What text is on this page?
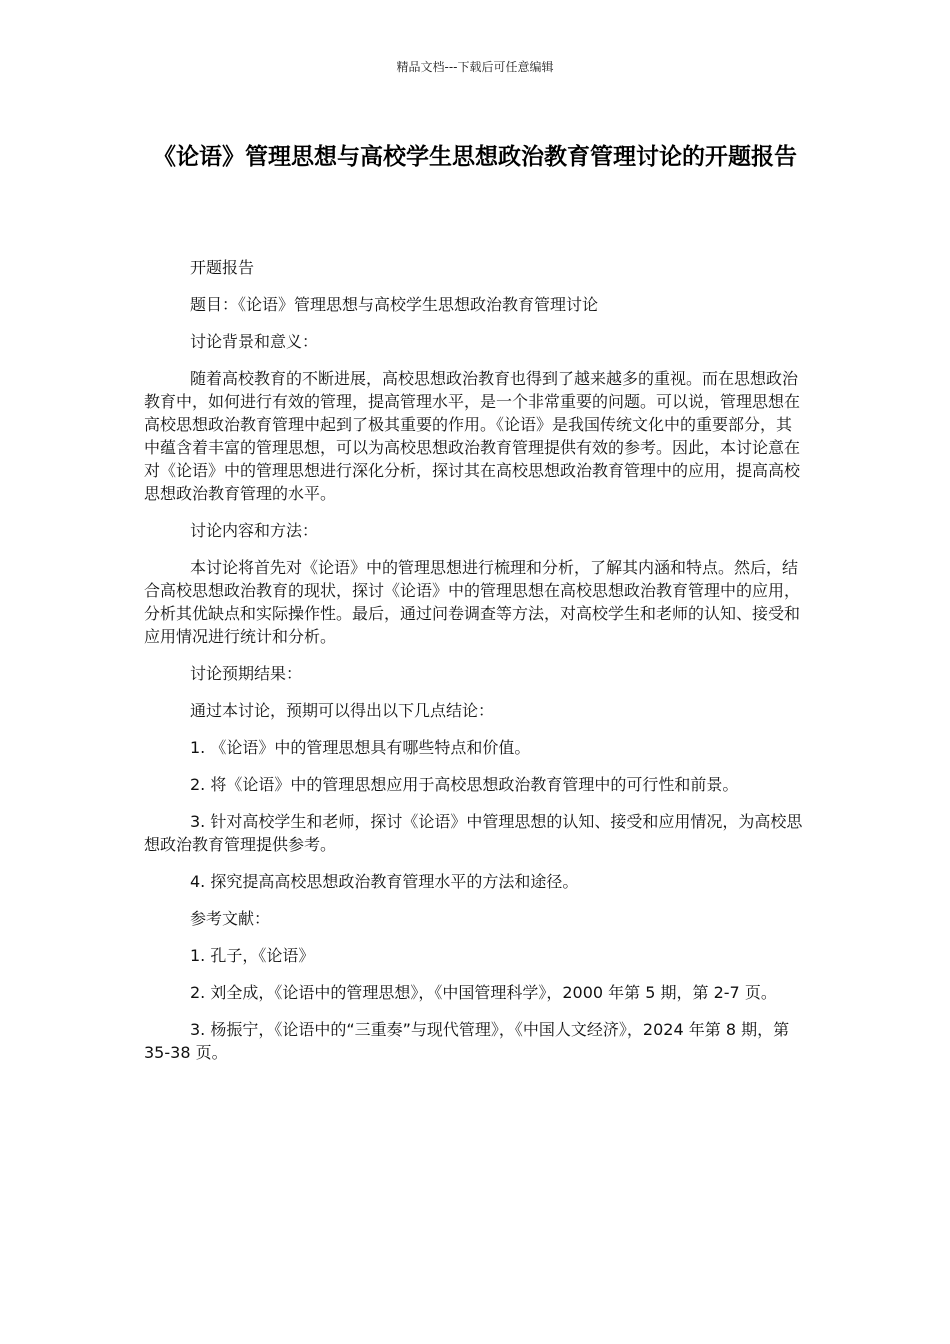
精品文档---下载后可任意编辑
《论语》管理思想与高校学生思想政治教育管理讨论的开题报告

开题报告

题目：《论语》管理思想与高校学生思想政治教育管理讨论

讨论背景和意义：

随着高校教育的不断进展，高校思想政治教育也得到了越来越多的重视。而在思想政治教育中，如何进行有效的管理，提高管理水平，是一个非常重要的问题。可以说，管理思想在高校思想政治教育管理中起到了极其重要的作用。《论语》是我国传统文化中的重要部分，其中蕴含着丰富的管理思想，可以为高校思想政治教育管理提供有效的参考。因此，本讨论意在对《论语》中的管理思想进行深化分析，探讨其在高校思想政治教育管理中的应用，提高高校思想政治教育管理的水平。

讨论内容和方法：

本讨论将首先对《论语》中的管理思想进行梳理和分析，了解其内涵和特点。然后，结合高校思想政治教育的现状，探讨《论语》中的管理思想在高校思想政治教育管理中的应用，分析其优缺点和实际操作性。最后，通过问卷调查等方法，对高校学生和老师的认知、接受和应用情况进行统计和分析。

讨论预期结果：

通过本讨论，预期可以得出以下几点结论：

1. 《论语》中的管理思想具有哪些特点和价值。

2. 将《论语》中的管理思想应用于高校思想政治教育管理中的可行性和前景。

3. 针对高校学生和老师，探讨《论语》中管理思想的认知、接受和应用情况，为高校思想政治教育管理提供参考。

4. 探究提高高校思想政治教育管理水平的方法和途径。

参考文献：

1. 孔子，《论语》

2. 刘全成，《论语中的管理思想》，《中国管理科学》，2000 年第 5 期，第 2-7 页。

3. 杨振宁，《论语中的“三重奏”与现代管理》，《中国人文经济》，2024 年第 8 期，第 35-38 页。
